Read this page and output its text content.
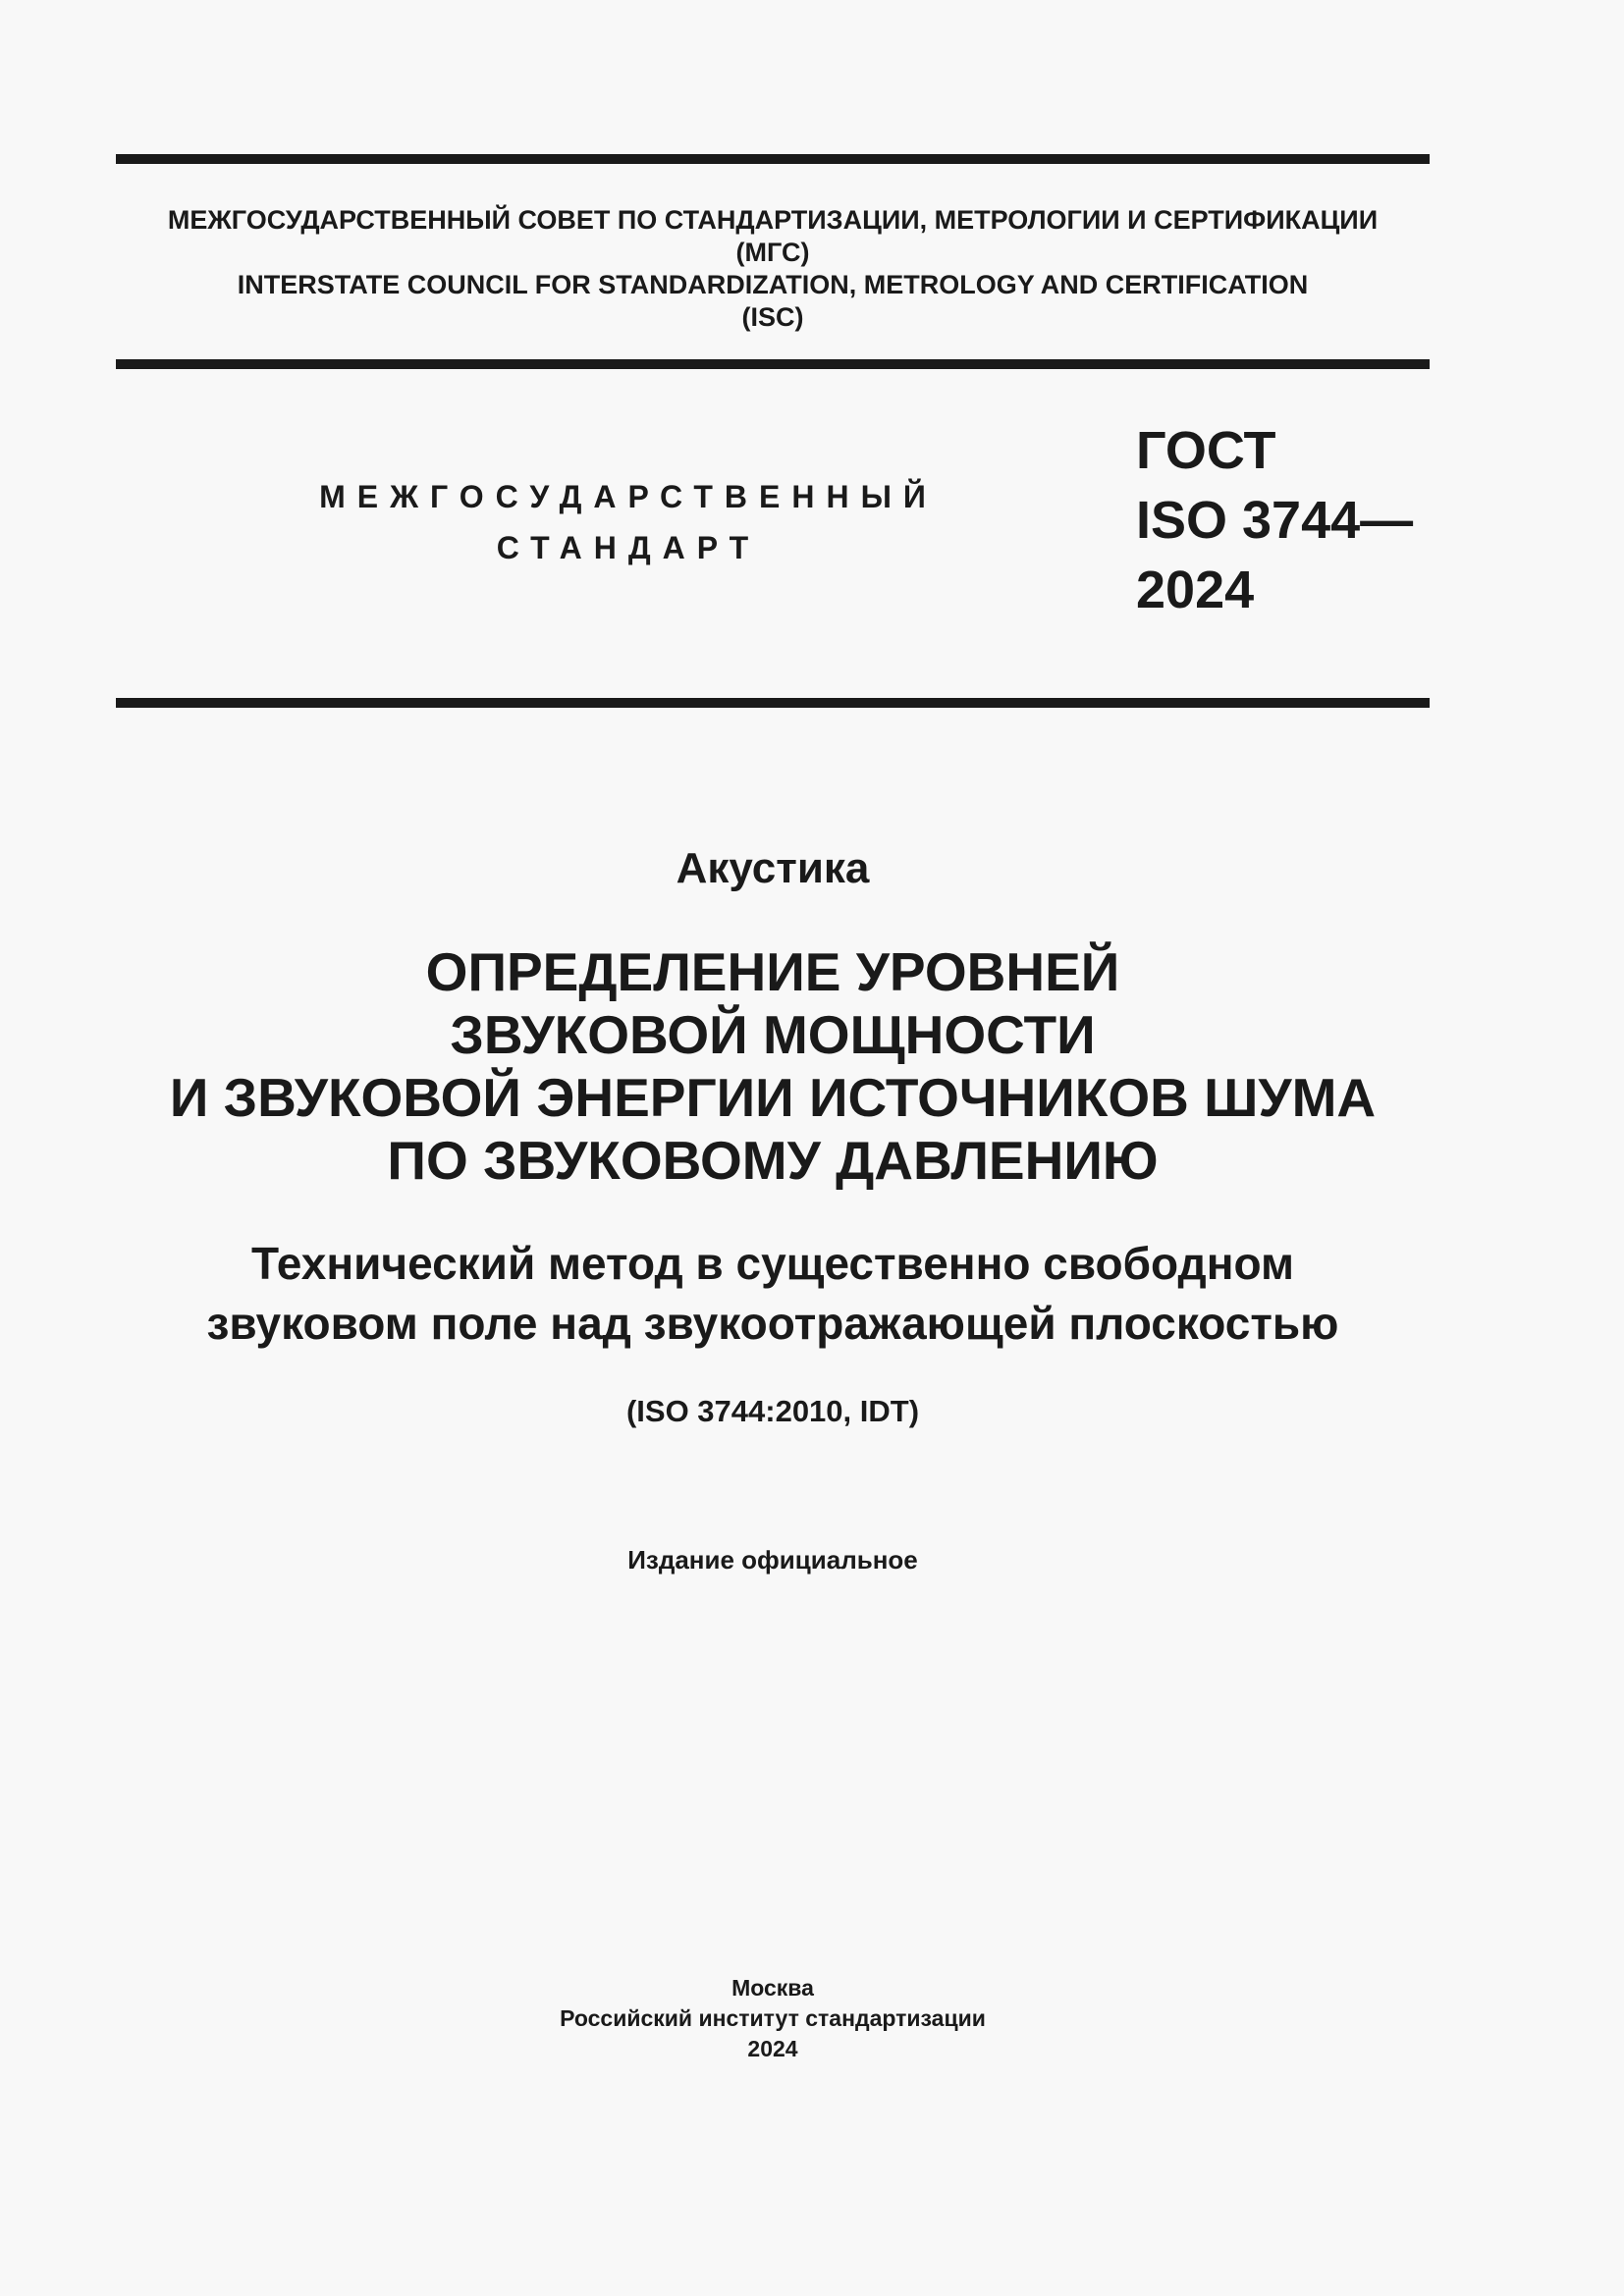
МЕЖГОСУДАРСТВЕННЫЙ СОВЕТ ПО СТАНДАРТИЗАЦИИ, МЕТРОЛОГИИ И СЕРТИФИКАЦИИ
(МГС)
INTERSTATE COUNCIL FOR STANDARDIZATION, METROLOGY AND CERTIFICATION
(ISC)
МЕЖГОСУДАРСТВЕННЫЙ
СТАНДАРТ
ГОСТ
ISO 3744—
2024
Акустика
ОПРЕДЕЛЕНИЕ УРОВНЕЙ
ЗВУКОВОЙ МОЩНОСТИ
И ЗВУКОВОЙ ЭНЕРГИИ ИСТОЧНИКОВ ШУМА
ПО ЗВУКОВОМУ ДАВЛЕНИЮ
Технический метод в существенно свободном
звуковом поле над звукоотражающей плоскостью
(ISO 3744:2010, IDT)
Издание официальное
Москва
Российский институт стандартизации
2024
